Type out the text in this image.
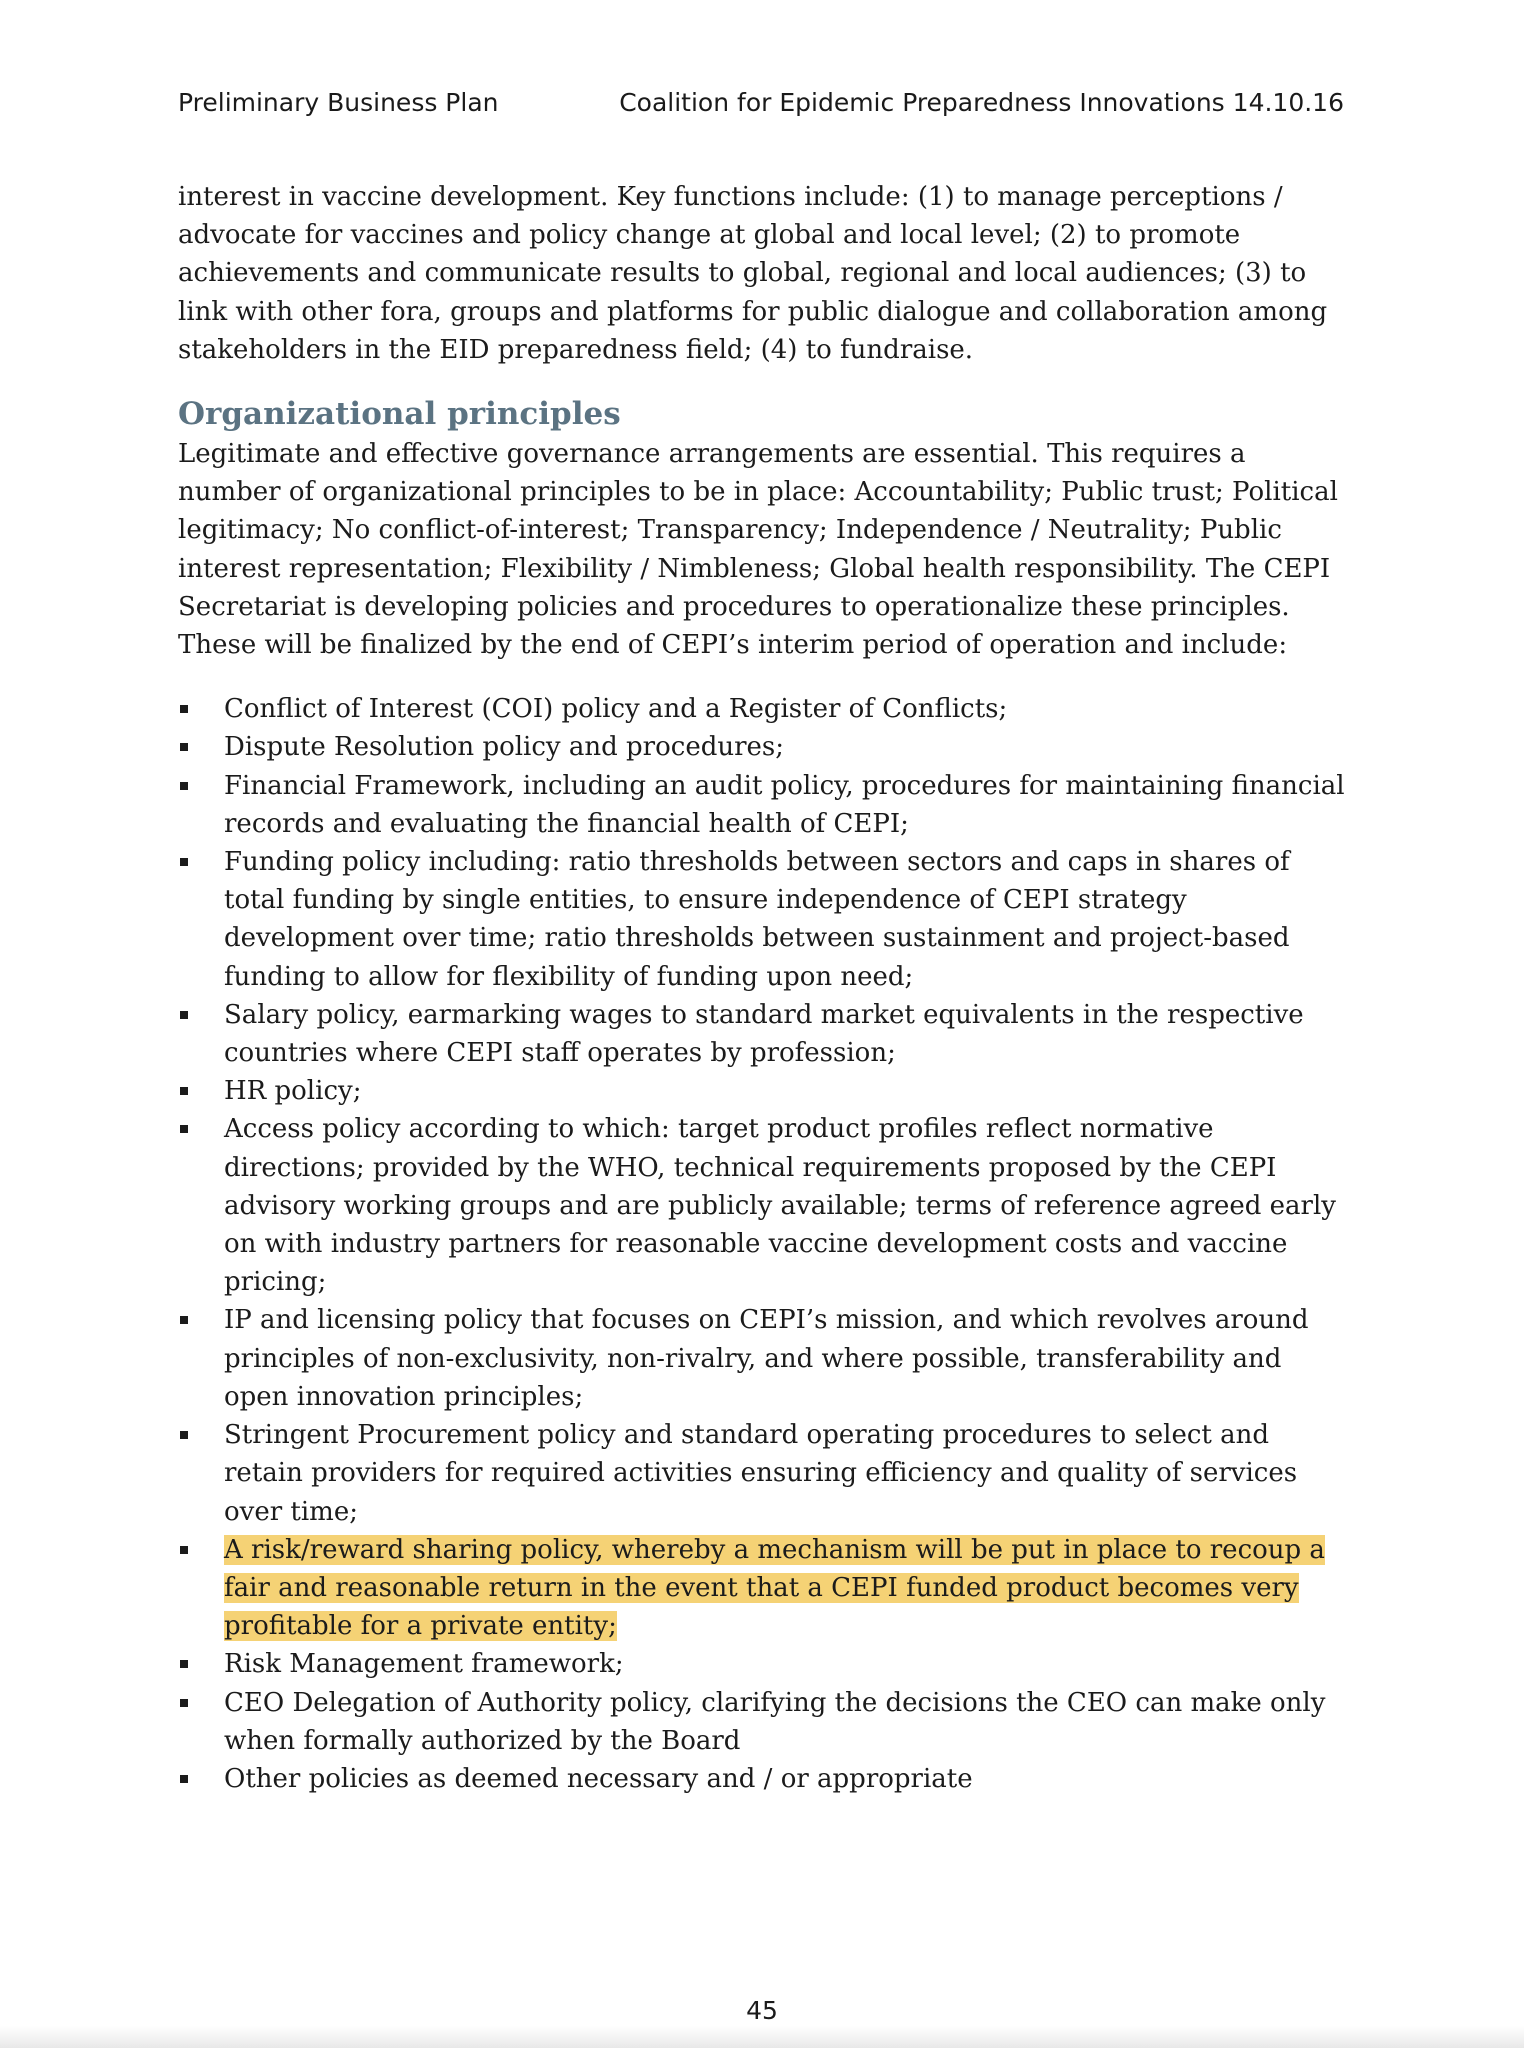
Preliminary Business Plan	Coalition for Epidemic Preparedness Innovations 14.10.16

interest in vaccine development. Key functions include: (1) to manage perceptions / advocate for vaccines and policy change at global and local level; (2) to promote achievements and communicate results to global, regional and local audiences; (3) to link with other fora, groups and platforms for public dialogue and collaboration among stakeholders in the EID preparedness field; (4) to fundraise.

Organizational principles

Legitimate and effective governance arrangements are essential. This requires a number of organizational principles to be in place: Accountability; Public trust; Political legitimacy; No conflict-of-interest; Transparency; Independence / Neutrality; Public interest representation; Flexibility / Nimbleness; Global health responsibility. The CEPI Secretariat is developing policies and procedures to operationalize these principles. These will be finalized by the end of CEPI’s interim period of operation and include:

Conflict of Interest (COI) policy and a Register of Conflicts;
Dispute Resolution policy and procedures;
Financial Framework, including an audit policy, procedures for maintaining financial records and evaluating the financial health of CEPI;
Funding policy including: ratio thresholds between sectors and caps in shares of total funding by single entities, to ensure independence of CEPI strategy development over time; ratio thresholds between sustainment and project-based funding to allow for flexibility of funding upon need;
Salary policy, earmarking wages to standard market equivalents in the respective countries where CEPI staff operates by profession;
HR policy;
Access policy according to which: target product profiles reflect normative directions; provided by the WHO, technical requirements proposed by the CEPI advisory working groups and are publicly available; terms of reference agreed early on with industry partners for reasonable vaccine development costs and vaccine pricing;
IP and licensing policy that focuses on CEPI’s mission, and which revolves around principles of non-exclusivity, non-rivalry, and where possible, transferability and open innovation principles;
Stringent Procurement policy and standard operating procedures to select and retain providers for required activities ensuring efficiency and quality of services over time;
A risk/reward sharing policy, whereby a mechanism will be put in place to recoup a fair and reasonable return in the event that a CEPI funded product becomes very profitable for a private entity;
Risk Management framework;
CEO Delegation of Authority policy, clarifying the decisions the CEO can make only when formally authorized by the Board
Other policies as deemed necessary and / or appropriate
45
